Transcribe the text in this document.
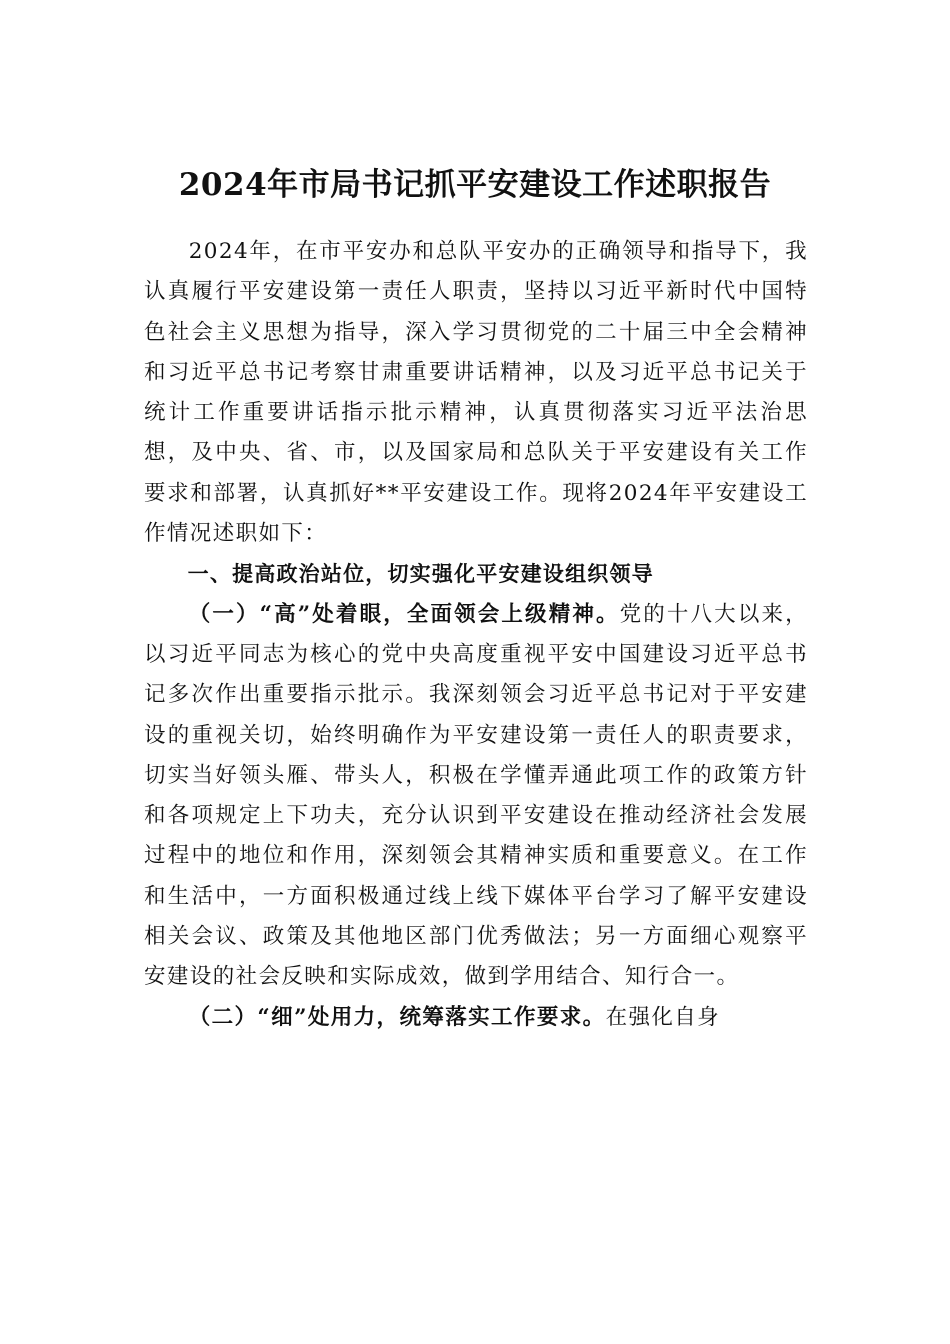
2024年市局书记抓平安建设工作述职报告

2024年，在市平安办和总队平安办的正确领导和指导下，我认真履行平安建设第一责任人职责，坚持以习近平新时代中国特色社会主义思想为指导，深入学习贯彻党的二十届三中全会精神和习近平总书记考察甘肃重要讲话精神，以及习近平总书记关于统计工作重要讲话指示批示精神，认真贯彻落实习近平法治思想，及中央、省、市，以及国家局和总队关于平安建设有关工作要求和部署，认真抓好**平安建设工作。现将2024年平安建设工作情况述职如下：

一、提高政治站位，切实强化平安建设组织领导

（一）“高”处着眼，全面领会上级精神。党的十八大以来，以习近平同志为核心的党中央高度重视平安中国建设习近平总书记多次作出重要指示批示。我深刻领会习近平总书记对于平安建设的重视关切，始终明确作为平安建设第一责任人的职责要求，切实当好领头雁、带头人，积极在学懂弄通此项工作的政策方针和各项规定上下功夫，充分认识到平安建设在推动经济社会发展过程中的地位和作用，深刻领会其精神实质和重要意义。在工作和生活中，一方面积极通过线上线下媒体平台学习了解平安建设相关会议、政策及其他地区部门优秀做法；另一方面细心观察平安建设的社会反映和实际成效，做到学用结合、知行合一。

（二）“细”处用力，统筹落实工作要求。在强化自身
